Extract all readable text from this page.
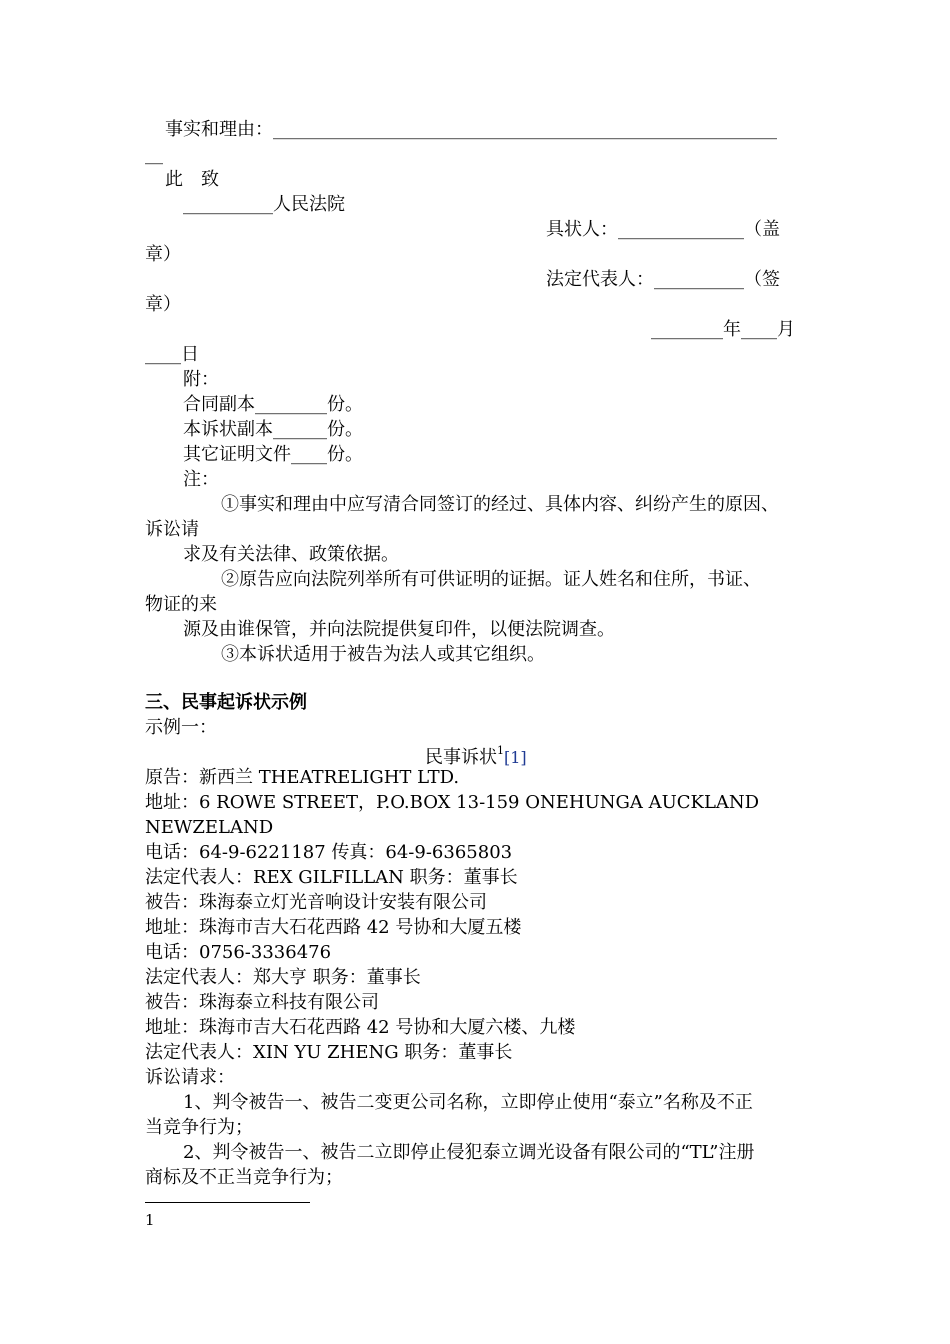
事实和理由：________________________________________________________
__
此　致
__________人民法院
具状人：______________（盖
章）
法定代表人：__________（签
章）
________年____月
____日
附：
合同副本________份。
本诉状副本______份。
其它证明文件____份。
注：
①事实和理由中应写清合同签订的经过、具体内容、纠纷产生的原因、
诉讼请
求及有关法律、政策依据。
②原告应向法院列举所有可供证明的证据。证人姓名和住所，书证、
物证的来
源及由谁保管，并向法院提供复印件，以便法院调查。
③本诉状适用于被告为法人或其它组织。
三、民事起诉状示例
示例一：
民事诉状$^1$[1]
原告：新西兰 THEATRELIGHT LTD.
地址：6 ROWE STREET，P.O.BOX 13-159 ONEHUNGA AUCKLAND
NEWZELAND
电话：64-9-6221187 传真：64-9-6365803
法定代表人：REX GILFILLAN 职务：董事长
被告：珠海泰立灯光音响设计安装有限公司
地址：珠海市吉大石花西路 42 号协和大厦五楼
电话：0756-3336476
法定代表人：郑大亨 职务：董事长
被告：珠海泰立科技有限公司
地址：珠海市吉大石花西路 42 号协和大厦六楼、九楼
法定代表人：XIN YU ZHENG 职务：董事长
诉讼请求：
1、判令被告一、被告二变更公司名称，立即停止使用“泰立”名称及不正
当竞争行为；
2、判令被告一、被告二立即停止侵犯泰立调光设备有限公司的“TL”注册
商标及不正当竞争行为；
1
